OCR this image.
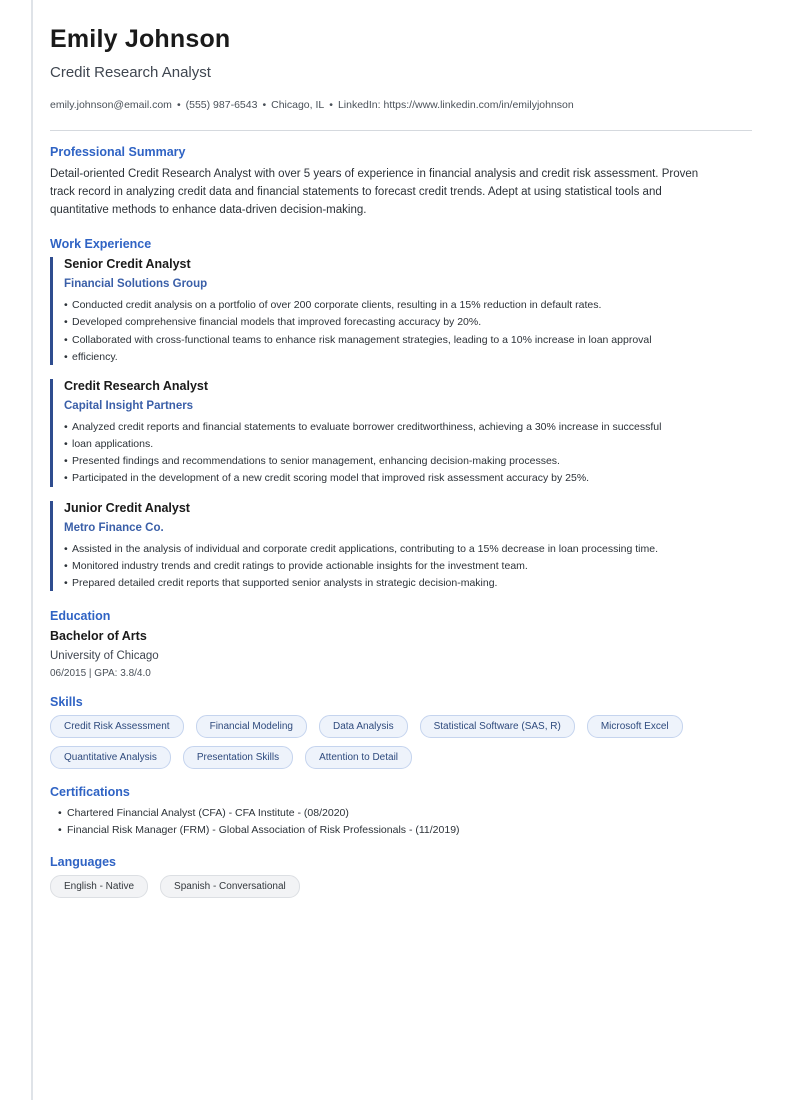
Emily Johnson
Credit Research Analyst
emily.johnson@email.com • (555) 987-6543 • Chicago, IL • LinkedIn: https://www.linkedin.com/in/emilyjohnson
Professional Summary

Detail-oriented Credit Research Analyst with over 5 years of experience in financial analysis and credit risk assessment. Proven track record in analyzing credit data and financial statements to forecast credit trends. Adept at using statistical tools and quantitative methods to enhance data-driven decision-making.

Work Experience
Senior Credit Analyst
Financial Solutions Group
• Conducted credit analysis on a portfolio of over 200 corporate clients, resulting in a 15% reduction in default rates.
• Developed comprehensive financial models that improved forecasting accuracy by 20%.
• Collaborated with cross-functional teams to enhance risk management strategies, leading to a 10% increase in loan approval
• efficiency.
Credit Research Analyst
Capital Insight Partners
• Analyzed credit reports and financial statements to evaluate borrower creditworthiness, achieving a 30% increase in successful
• loan applications.
• Presented findings and recommendations to senior management, enhancing decision-making processes.
• Participated in the development of a new credit scoring model that improved risk assessment accuracy by 25%.
Junior Credit Analyst
Metro Finance Co.
• Assisted in the analysis of individual and corporate credit applications, contributing to a 15% decrease in loan processing time.
• Monitored industry trends and credit ratings to provide actionable insights for the investment team.
• Prepared detailed credit reports that supported senior analysts in strategic decision-making.
Education
Bachelor of Arts
University of Chicago
06/2015 | GPA: 3.8/4.0
Skills
Credit Risk Assessment	Financial Modeling	Data Analysis	Statistical Software (SAS, R)	Microsoft Excel
Quantitative Analysis	Presentation Skills	Attention to Detail
Certifications
• Chartered Financial Analyst (CFA) - CFA Institute - (08/2020)
• Financial Risk Manager (FRM) - Global Association of Risk Professionals - (11/2019)
Languages
English - Native	Spanish - Conversational
